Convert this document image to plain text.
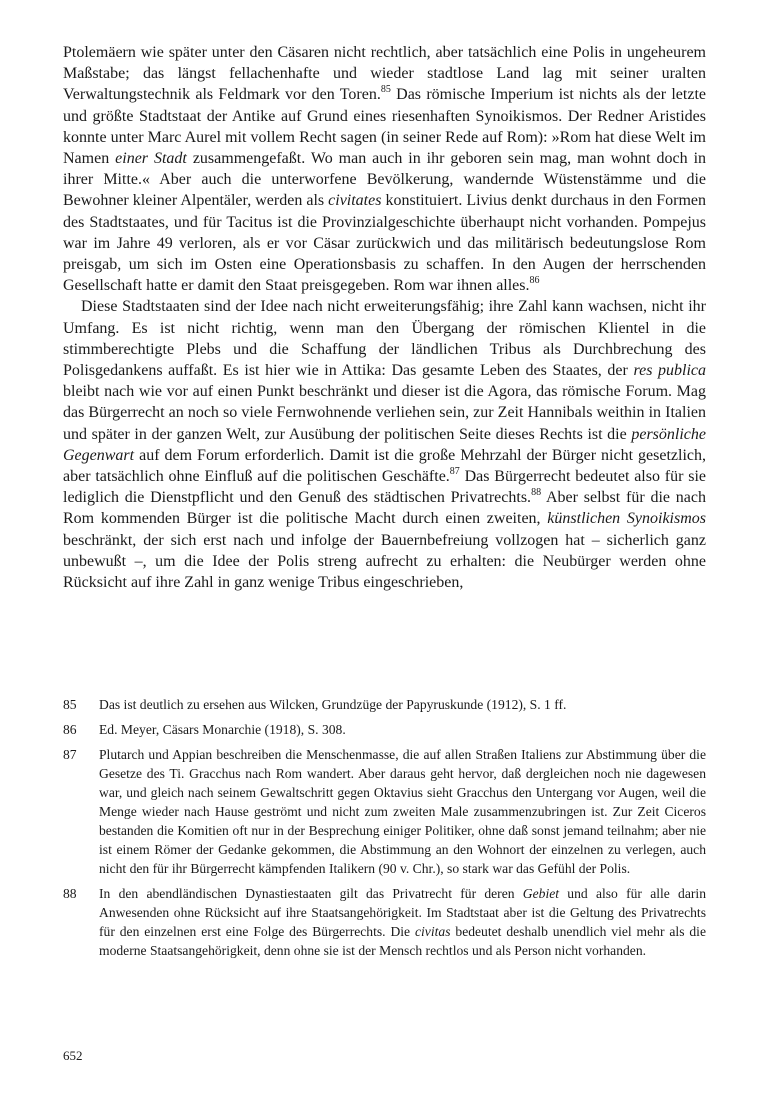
Ptolemäern wie später unter den Cäsaren nicht rechtlich, aber tatsächlich eine Polis in ungeheurem Maßstabe; das längst fellachenhafte und wieder stadtlose Land lag mit seiner uralten Verwaltungstechnik als Feldmark vor den Toren.$^{85}$ Das römische Imperium ist nichts als der letzte und größte Stadtstaat der Antike auf Grund eines riesenhaften Synoikismos. Der Redner Aristides konnte unter Marc Aurel mit vollem Recht sagen (in seiner Rede auf Rom): »Rom hat diese Welt im Namen einer Stadt zusammengefaßt. Wo man auch in ihr geboren sein mag, man wohnt doch in ihrer Mitte.« Aber auch die unterworfene Bevölkerung, wandernde Wüstenstämme und die Bewohner kleiner Alpentäler, werden als civitates konstituiert. Livius denkt durchaus in den Formen des Stadtstaates, und für Tacitus ist die Provinzialgeschichte überhaupt nicht vorhanden. Pompejus war im Jahre 49 verloren, als er vor Cäsar zurückwich und das militärisch bedeutungslose Rom preisgab, um sich im Osten eine Operationsbasis zu schaffen. In den Augen der herrschenden Gesellschaft hatte er damit den Staat preisgegeben. Rom war ihnen alles.$^{86}$

Diese Stadtstaaten sind der Idee nach nicht erweiterungsfähig; ihre Zahl kann wachsen, nicht ihr Umfang. Es ist nicht richtig, wenn man den Übergang der römischen Klientel in die stimmberechtigte Plebs und die Schaffung der ländlichen Tribus als Durchbrechung des Polisgedankens auffaßt. Es ist hier wie in Attika: Das gesamte Leben des Staates, der res publica bleibt nach wie vor auf einen Punkt beschränkt und dieser ist die Agora, das römische Forum. Mag das Bürgerrecht an noch so viele Fernwohnende verliehen sein, zur Zeit Hannibals weithin in Italien und später in der ganzen Welt, zur Ausübung der politischen Seite dieses Rechts ist die persönliche Gegenwart auf dem Forum erforderlich. Damit ist die große Mehrzahl der Bürger nicht gesetzlich, aber tatsächlich ohne Einfluß auf die politischen Geschäfte.$^{87}$ Das Bürgerrecht bedeutet also für sie lediglich die Dienstpflicht und den Genuß des städtischen Privatrechts.$^{88}$ Aber selbst für die nach Rom kommenden Bürger ist die politische Macht durch einen zweiten, künstlichen Synoikismos beschränkt, der sich erst nach und infolge der Bauernbefreiung vollzogen hat – sicherlich ganz unbewußt –, um die Idee der Polis streng aufrecht zu erhalten: die Neubürger werden ohne Rücksicht auf ihre Zahl in ganz wenige Tribus eingeschrieben,

85	Das ist deutlich zu ersehen aus Wilcken, Grundzüge der Papyruskunde (1912), S. 1 ff.
86	Ed. Meyer, Cäsars Monarchie (1918), S. 308.
87	Plutarch und Appian beschreiben die Menschenmasse, die auf allen Straßen Italiens zur Abstimmung über die Gesetze des Ti. Gracchus nach Rom wandert. Aber daraus geht hervor, daß dergleichen noch nie dagewesen war, und gleich nach seinem Gewaltschritt gegen Oktavius sieht Gracchus den Untergang vor Augen, weil die Menge wieder nach Hause geströmt und nicht zum zweiten Male zusammenzubringen ist. Zur Zeit Ciceros bestanden die Komitien oft nur in der Besprechung einiger Politiker, ohne daß sonst jemand teilnahm; aber nie ist einem Römer der Gedanke gekommen, die Abstimmung an den Wohnort der einzelnen zu verlegen, auch nicht den für ihr Bürgerrecht kämpfenden Italikern (90 v. Chr.), so stark war das Gefühl der Polis.
88	In den abendländischen Dynastiestaaten gilt das Privatrecht für deren Gebiet und also für alle darin Anwesenden ohne Rücksicht auf ihre Staatsangehörigkeit. Im Stadtstaat aber ist die Geltung des Privatrechts für den einzelnen erst eine Folge des Bürgerrechts. Die civitas bedeutet deshalb unendlich viel mehr als die moderne Staatsangehörigkeit, denn ohne sie ist der Mensch rechtlos und als Person nicht vorhanden.
652
